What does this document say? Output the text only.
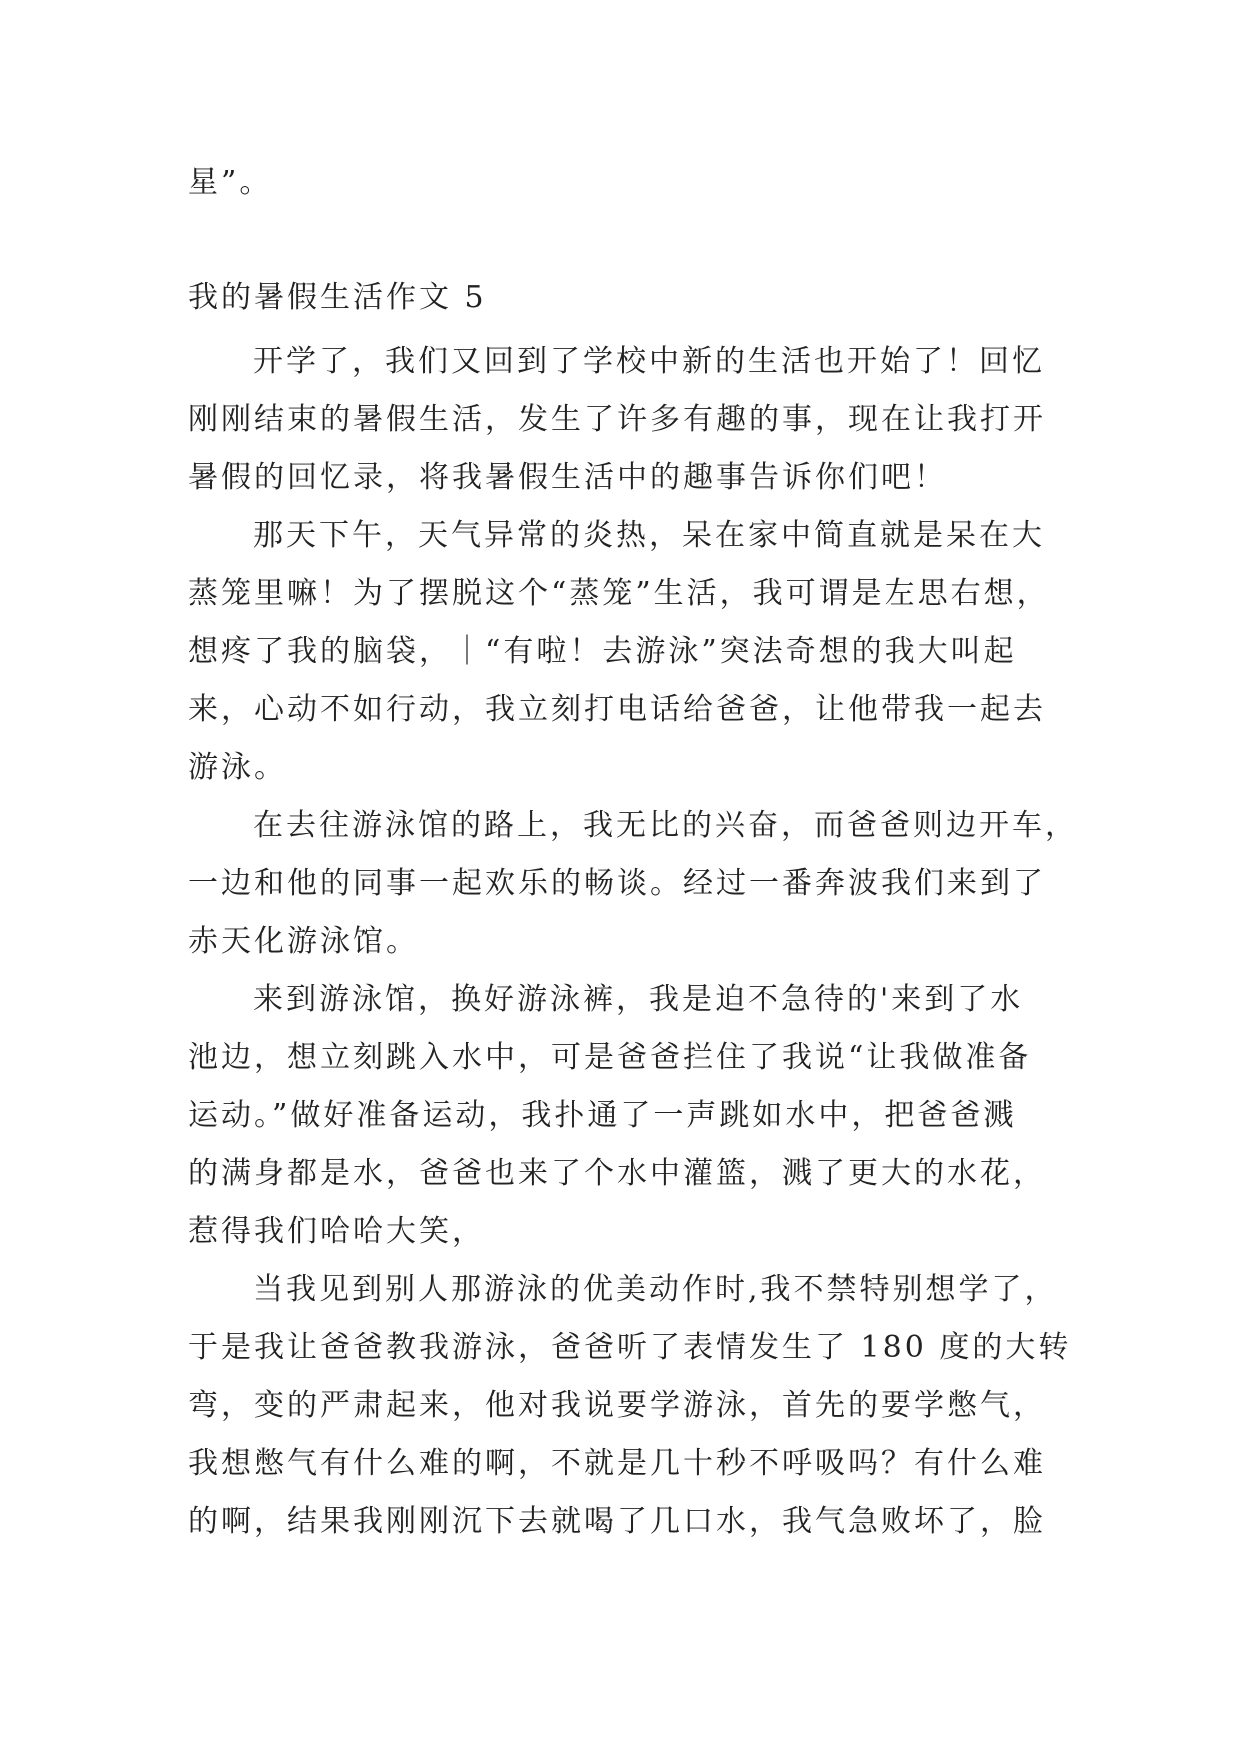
星”。
我的暑假生活作文 5
开学了，我们又回到了学校中新的生活也开始了！回忆
刚刚结束的暑假生活，发生了许多有趣的事，现在让我打开
暑假的回忆录，将我暑假生活中的趣事告诉你们吧！
那天下午，天气异常的炎热，呆在家中简直就是呆在大
蒸笼里嘛！为了摆脱这个“蒸笼”生活，我可谓是左思右想，
想疼了我的脑袋，｜“有啦！去游泳”突法奇想的我大叫起
来，心动不如行动，我立刻打电话给爸爸，让他带我一起去
游泳。
在去往游泳馆的路上，我无比的兴奋，而爸爸则边开车，
一边和他的同事一起欢乐的畅谈。经过一番奔波我们来到了
赤天化游泳馆。
来到游泳馆，换好游泳裤，我是迫不急待的'来到了水
池边，想立刻跳入水中，可是爸爸拦住了我说“让我做准备
运动。”做好准备运动，我扑通了一声跳如水中，把爸爸溅
的满身都是水，爸爸也来了个水中灌篮，溅了更大的水花，
惹得我们哈哈大笑，
当我见到别人那游泳的优美动作时,我不禁特别想学了，
于是我让爸爸教我游泳，爸爸听了表情发生了 180 度的大转
弯，变的严肃起来，他对我说要学游泳，首先的要学憋气，
我想憋气有什么难的啊，不就是几十秒不呼吸吗？有什么难
的啊，结果我刚刚沉下去就喝了几口水，我气急败坏了，脸
